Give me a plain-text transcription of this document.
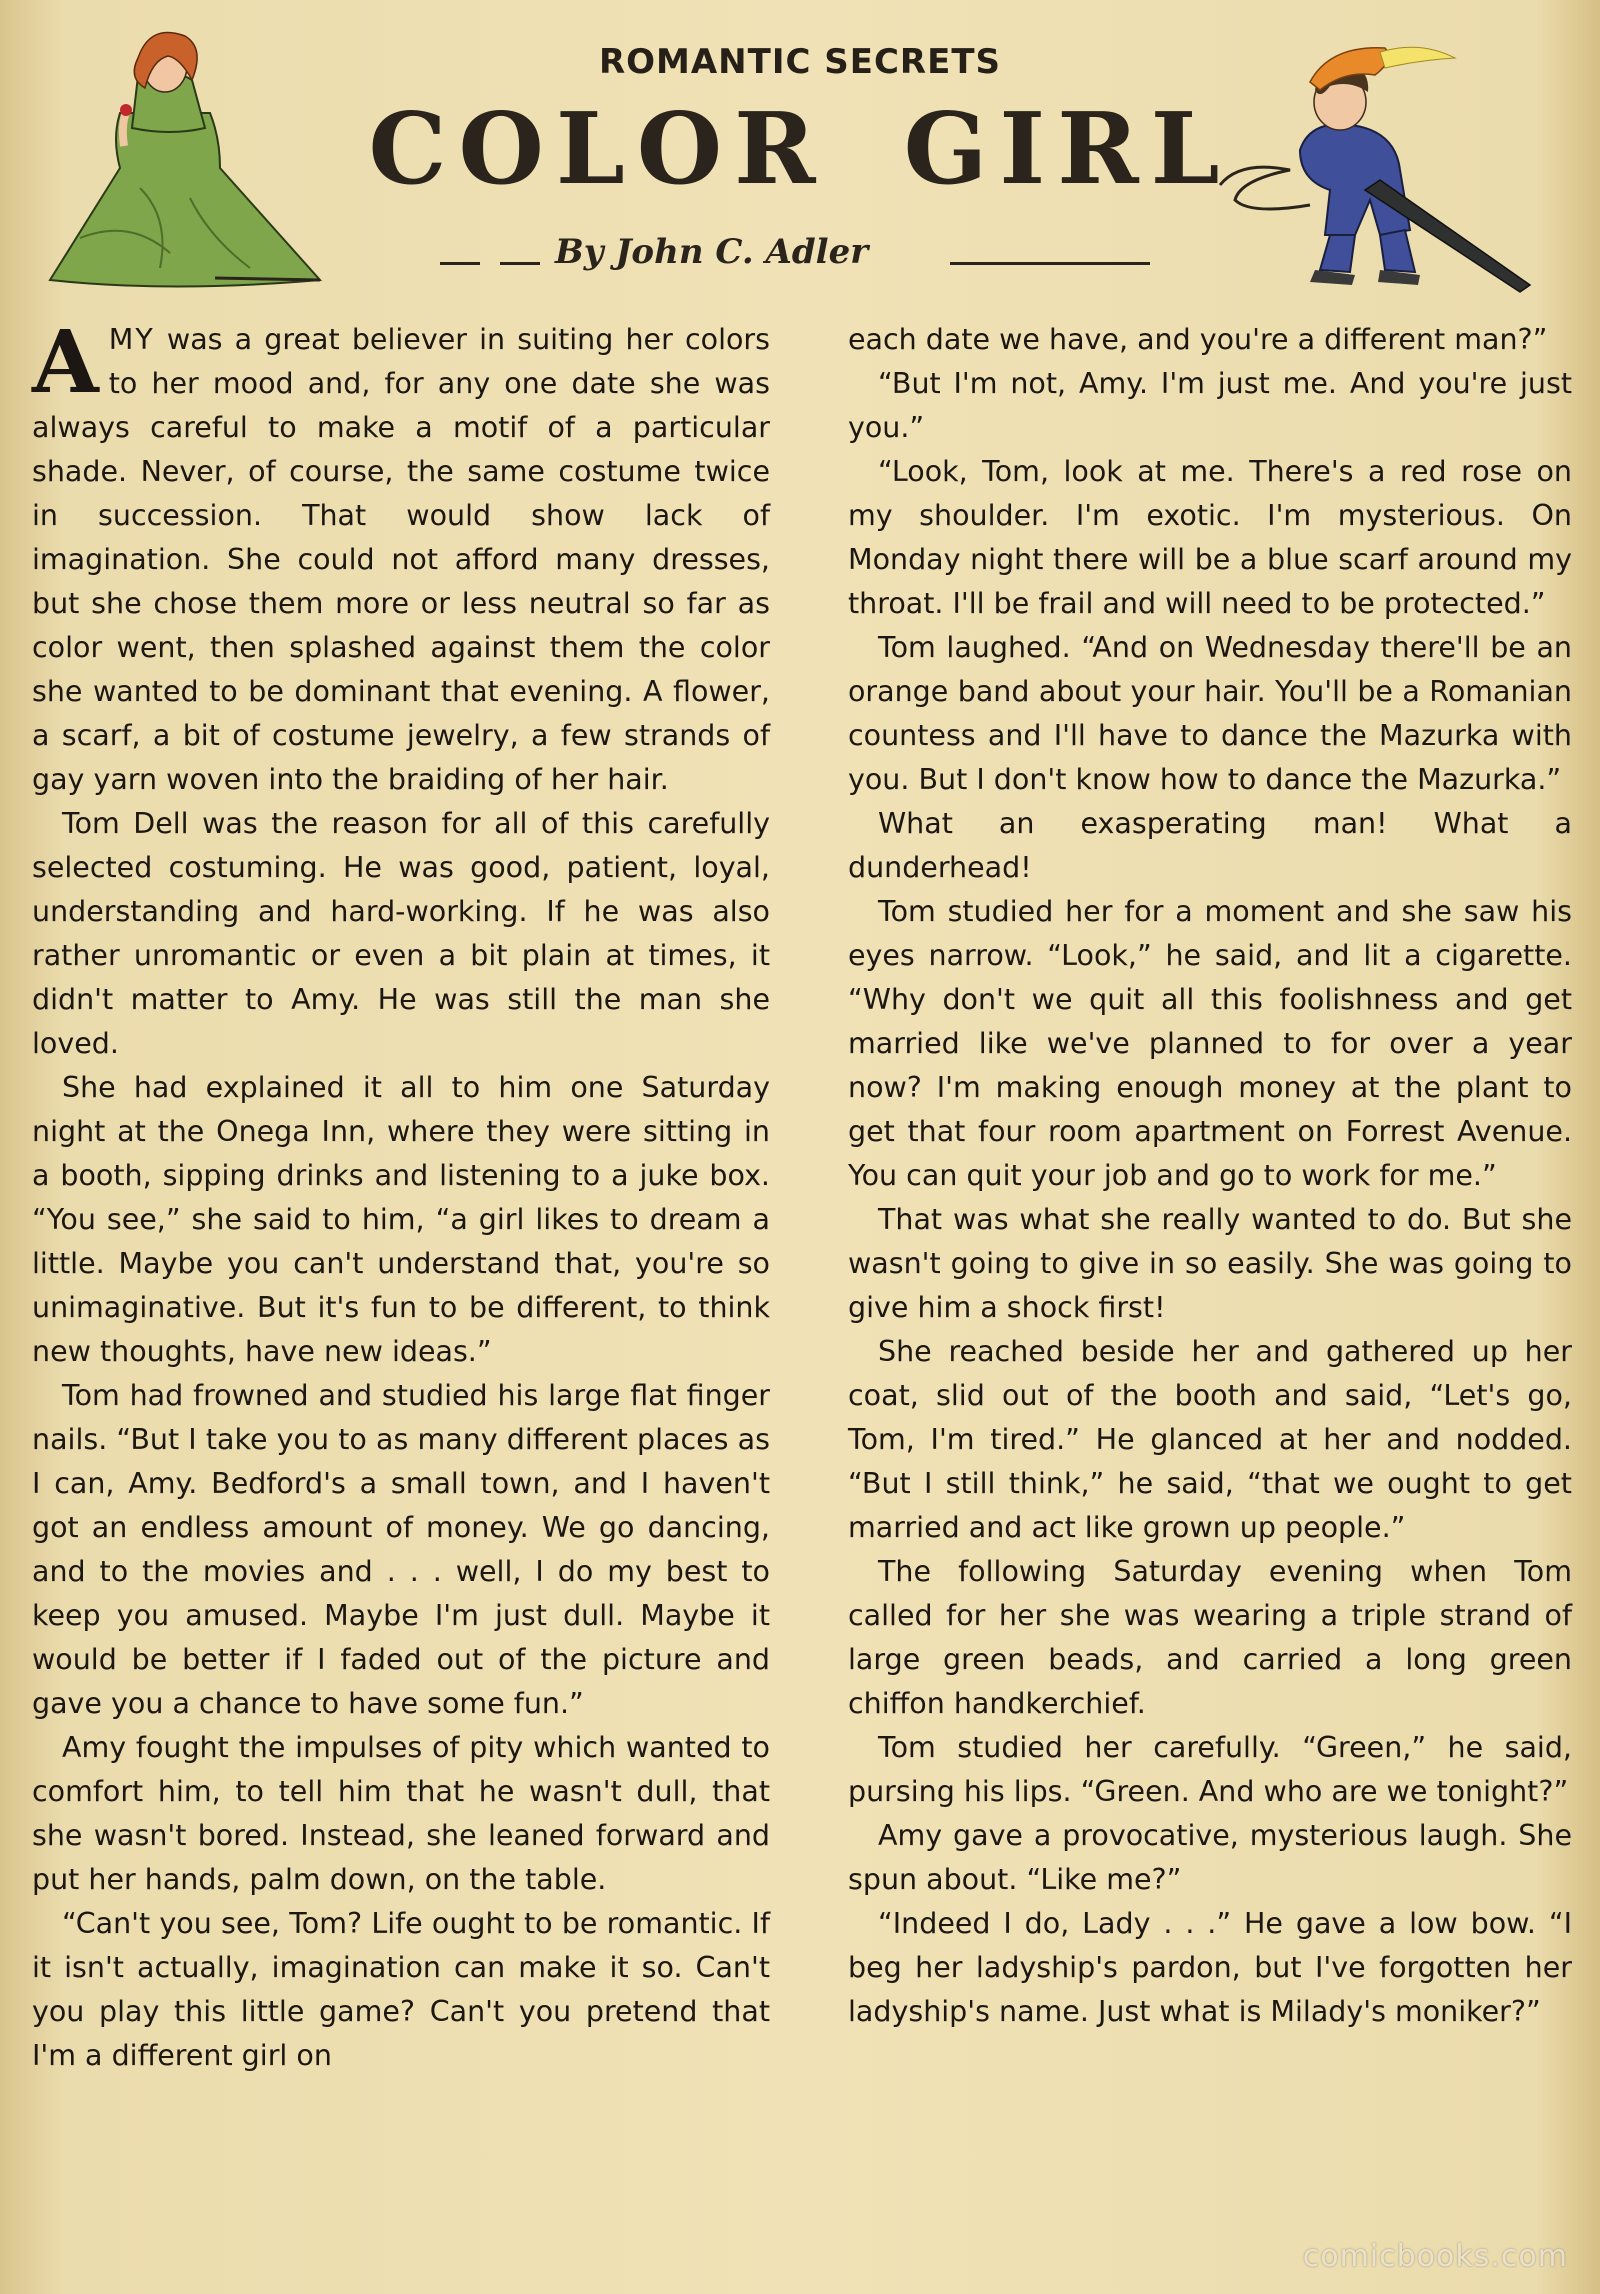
ROMANTIC SECRETS
COLOR GIRL
By John C. Adler

AMY was a great believer in suiting her colors to her mood and, for any one date she was always careful to make a motif of a particular shade. Never, of course, the same costume twice in succession. That would show lack of imagination. She could not afford many dresses, but she chose them more or less neutral so far as color went, then splashed against them the color she wanted to be dominant that evening. A flower, a scarf, a bit of costume jewelry, a few strands of gay yarn woven into the braiding of her hair.

Tom Dell was the reason for all of this carefully selected costuming. He was good, patient, loyal, understanding and hard-working. If he was also rather unromantic or even a bit plain at times, it didn't matter to Amy. He was still the man she loved.

She had explained it all to him one Saturday night at the Onega Inn, where they were sitting in a booth, sipping drinks and listening to a juke box. “You see,” she said to him, “a girl likes to dream a little. Maybe you can't understand that, you're so unimaginative. But it's fun to be different, to think new thoughts, have new ideas.”

Tom had frowned and studied his large flat finger nails. “But I take you to as many different places as I can, Amy. Bedford's a small town, and I haven't got an endless amount of money. We go dancing, and to the movies and . . . well, I do my best to keep you amused. Maybe I'm just dull. Maybe it would be better if I faded out of the picture and gave you a chance to have some fun.”

Amy fought the impulses of pity which wanted to comfort him, to tell him that he wasn't dull, that she wasn't bored. Instead, she leaned forward and put her hands, palm down, on the table.

“Can't you see, Tom? Life ought to be romantic. If it isn't actually, imagination can make it so. Can't you play this little game? Can't you pretend that I'm a different girl on

each date we have, and you're a different man?”

“But I'm not, Amy. I'm just me. And you're just you.”

“Look, Tom, look at me. There's a red rose on my shoulder. I'm exotic. I'm mysterious. On Monday night there will be a blue scarf around my throat. I'll be frail and will need to be protected.”

Tom laughed. “And on Wednesday there'll be an orange band about your hair. You'll be a Romanian countess and I'll have to dance the Mazurka with you. But I don't know how to dance the Mazurka.”

What an exasperating man! What a dunderhead!

Tom studied her for a moment and she saw his eyes narrow. “Look,” he said, and lit a cigarette. “Why don't we quit all this foolishness and get married like we've planned to for over a year now? I'm making enough money at the plant to get that four room apartment on Forrest Avenue. You can quit your job and go to work for me.”

That was what she really wanted to do. But she wasn't going to give in so easily. She was going to give him a shock first!

She reached beside her and gathered up her coat, slid out of the booth and said, “Let's go, Tom, I'm tired.” He glanced at her and nodded. “But I still think,” he said, “that we ought to get married and act like grown up people.”

The following Saturday evening when Tom called for her she was wearing a triple strand of large green beads, and carried a long green chiffon handkerchief.

Tom studied her carefully. “Green,” he said, pursing his lips. “Green. And who are we tonight?”

Amy gave a provocative, mysterious laugh. She spun about. “Like me?”

“Indeed I do, Lady . . .” He gave a low bow. “I beg her ladyship's pardon, but I've forgotten her ladyship's name. Just what is Milady's moniker?”

comicbooks.com
